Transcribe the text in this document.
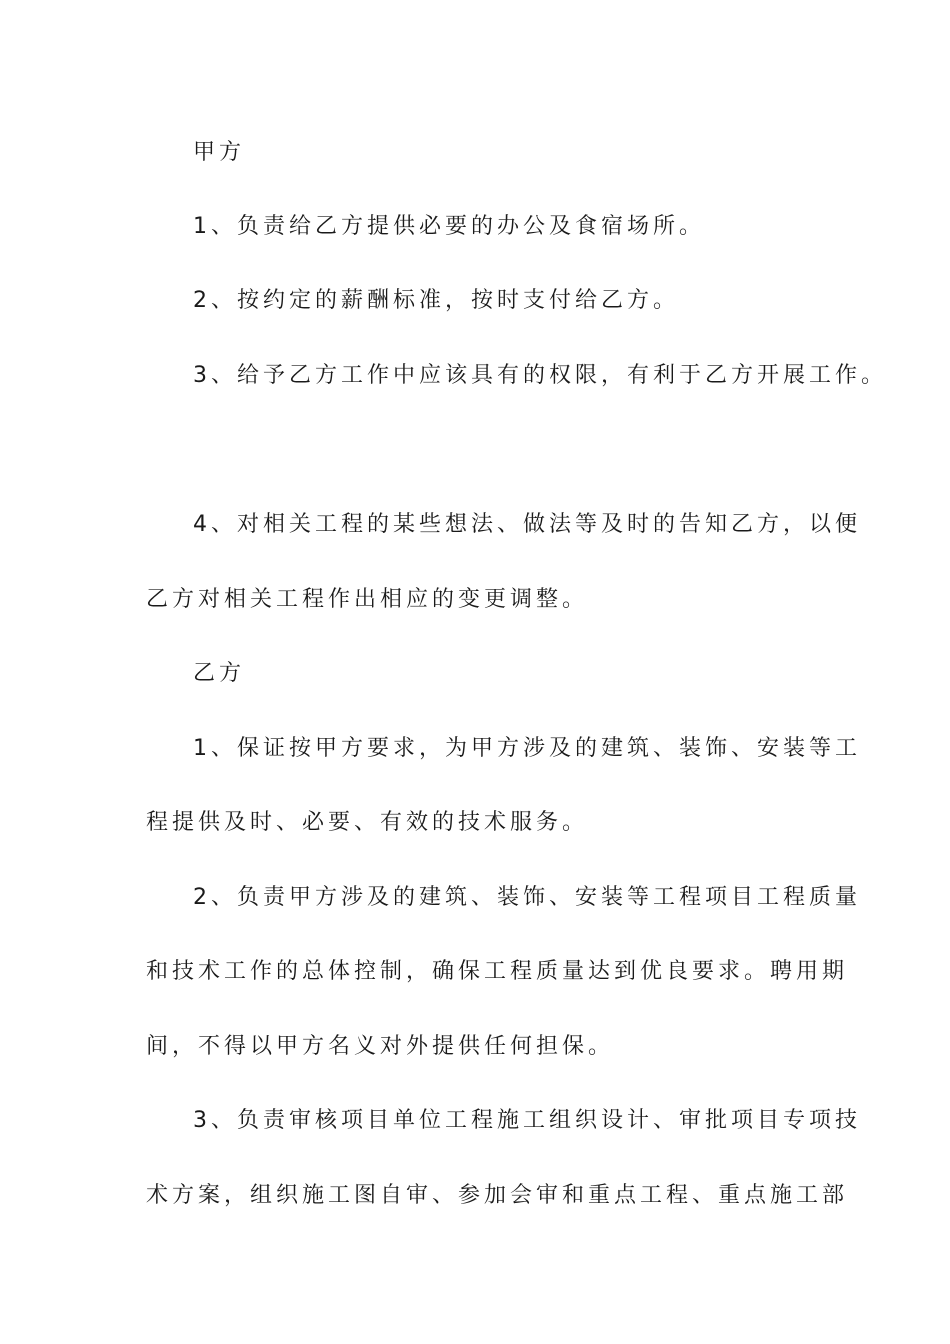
甲方

1、负责给乙方提供必要的办公及食宿场所。

2、按约定的薪酬标准，按时支付给乙方。

3、给予乙方工作中应该具有的权限，有利于乙方开展工作。

4、对相关工程的某些想法、做法等及时的告知乙方，以便

乙方对相关工程作出相应的变更调整。

乙方

1、保证按甲方要求，为甲方涉及的建筑、装饰、安装等工

程提供及时、必要、有效的技术服务。

2、负责甲方涉及的建筑、装饰、安装等工程项目工程质量

和技术工作的总体控制，确保工程质量达到优良要求。聘用期

间，不得以甲方名义对外提供任何担保。

3、负责审核项目单位工程施工组织设计、审批项目专项技

术方案，组织施工图自审、参加会审和重点工程、重点施工部
